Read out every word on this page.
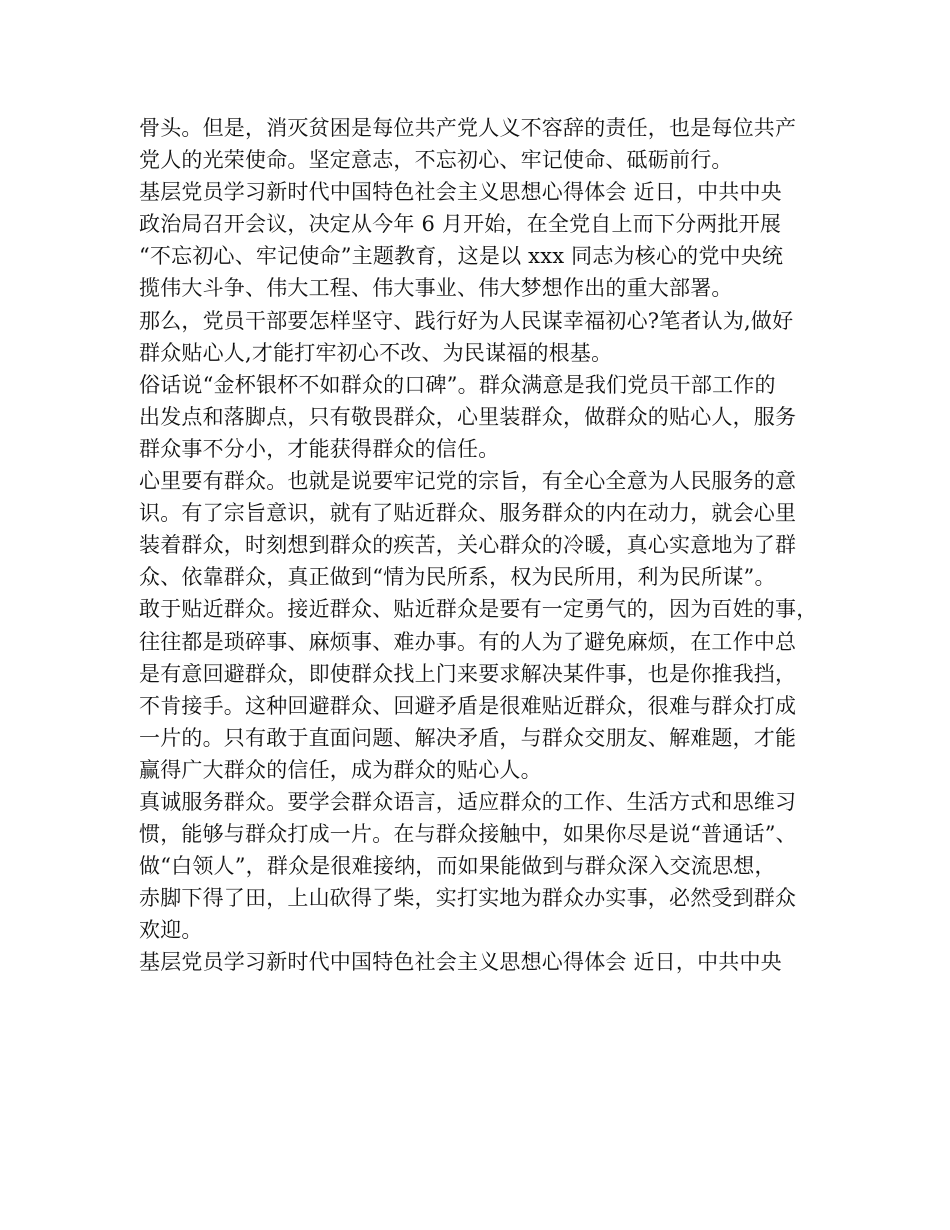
骨头。但是，消灭贫困是每位共产党人义不容辞的责任，也是每位共产
党人的光荣使命。坚定意志，不忘初心、牢记使命、砥砺前行。
基层党员学习新时代中国特色社会主义思想心得体会 近日，中共中央
政治局召开会议，决定从今年 6 月开始，在全党自上而下分两批开展
“不忘初心、牢记使命”主题教育，这是以 xxx 同志为核心的党中央统
揽伟大斗争、伟大工程、伟大事业、伟大梦想作出的重大部署。
那么，党员干部要怎样坚守、践行好为人民谋幸福初心?笔者认为,做好
群众贴心人,才能打牢初心不改、为民谋福的根基。
俗话说“金杯银杯不如群众的口碑”。群众满意是我们党员干部工作的
出发点和落脚点，只有敬畏群众，心里装群众，做群众的贴心人，服务
群众事不分小，才能获得群众的信任。
心里要有群众。也就是说要牢记党的宗旨，有全心全意为人民服务的意
识。有了宗旨意识，就有了贴近群众、服务群众的内在动力，就会心里
装着群众，时刻想到群众的疾苦，关心群众的冷暖，真心实意地为了群
众、依靠群众，真正做到“情为民所系，权为民所用，利为民所谋”。
敢于贴近群众。接近群众、贴近群众是要有一定勇气的，因为百姓的事，
往往都是琐碎事、麻烦事、难办事。有的人为了避免麻烦，在工作中总
是有意回避群众，即使群众找上门来要求解决某件事，也是你推我挡，
不肯接手。这种回避群众、回避矛盾是很难贴近群众，很难与群众打成
一片的。只有敢于直面问题、解决矛盾，与群众交朋友、解难题，才能
赢得广大群众的信任，成为群众的贴心人。
真诚服务群众。要学会群众语言，适应群众的工作、生活方式和思维习
惯，能够与群众打成一片。在与群众接触中，如果你尽是说“普通话”、
做“白领人”，群众是很难接纳，而如果能做到与群众深入交流思想，
赤脚下得了田，上山砍得了柴，实打实地为群众办实事，必然受到群众
欢迎。
基层党员学习新时代中国特色社会主义思想心得体会 近日，中共中央
